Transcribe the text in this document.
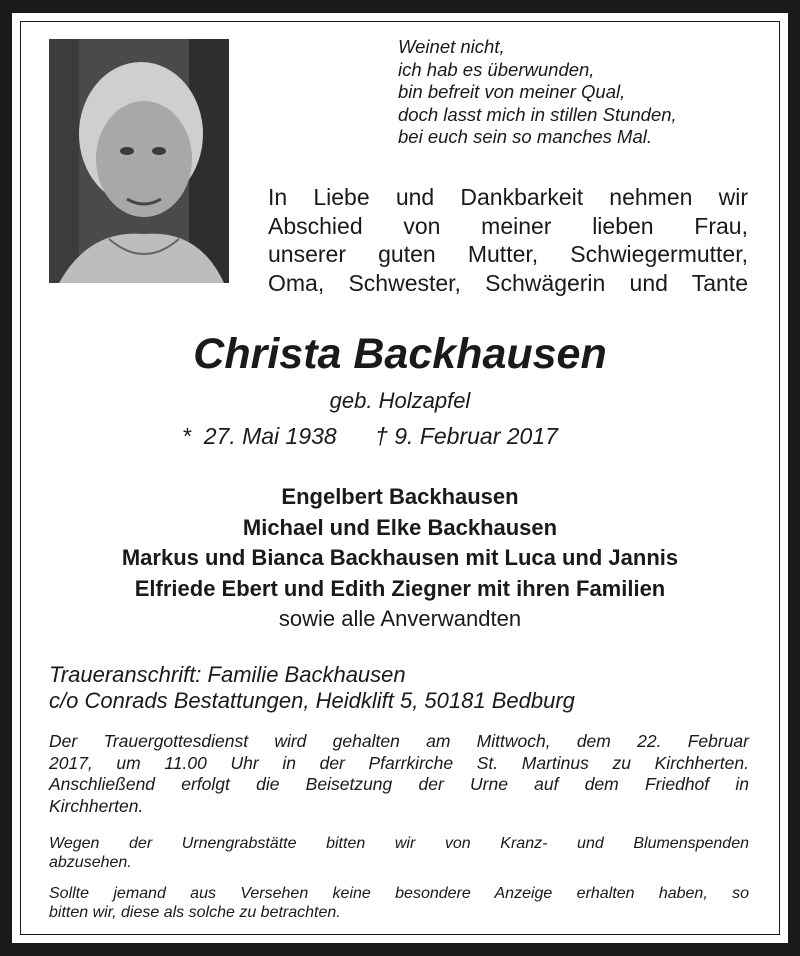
Weinet nicht,
ich hab es überwunden,
bin befreit von meiner Qual,
doch lasst mich in stillen Stunden,
bei euch sein so manches Mal.
In Liebe und Dankbarkeit nehmen wir
Abschied von meiner lieben Frau,
unserer guten Mutter, Schwiegermutter,
Oma, Schwester, Schwägerin und Tante
Christa Backhausen
geb. Holzapfel
*  27. Mai 1938 † 9. Februar 2017
Engelbert Backhausen
Michael und Elke Backhausen
Markus und Bianca Backhausen mit Luca und Jannis
Elfriede Ebert und Edith Ziegner mit ihren Familien
sowie alle Anverwandten
Traueranschrift: Familie Backhausen
c/o Conrads Bestattungen, Heidklift 5, 50181 Bedburg
Der Trauergottesdienst wird gehalten am Mittwoch, dem 22. Februar
2017, um 11.00 Uhr in der Pfarrkirche St. Martinus zu Kirchherten.
Anschließend erfolgt die Beisetzung der Urne auf dem Friedhof in
Kirchherten.
Wegen der Urnengrabstätte bitten wir von Kranz- und Blumenspenden
abzusehen.
Sollte jemand aus Versehen keine besondere Anzeige erhalten haben, so
bitten wir, diese als solche zu betrachten.
